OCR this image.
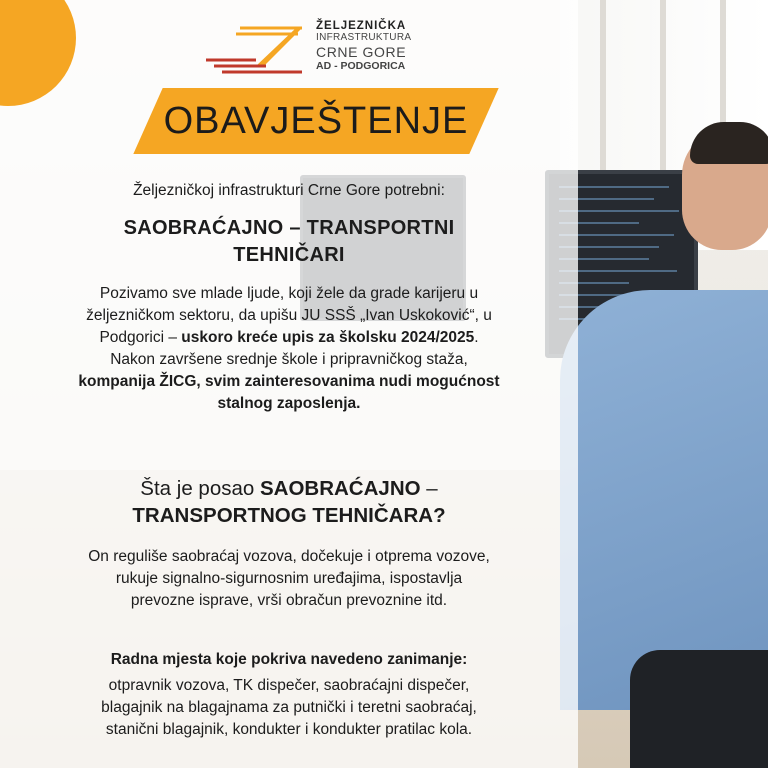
ŽELJEZNIČKA
INFRASTRUKTURA
CRNE GORE
AD - PODGORICA
OBAVJEŠTENJE
Željezničkoj infrastrukturi Crne Gore potrebni:
SAOBRAĆAJNO – TRANSPORTNI
TEHNIČARI
Pozivamo sve mlade ljude, koji žele da grade karijeru u
željezničkom sektoru, da upišu JU SSŠ „Ivan Uskoković“, u
Podgorici – uskoro kreće upis za školsku 2024/2025.
Nakon završene srednje škole i pripravničkog staža,
kompanija ŽICG, svim zainteresovanima nudi mogućnost
stalnog zaposlenja.
Šta je posao SAOBRAĆAJNO –
TRANSPORTNOG TEHNIČARA?
On reguliše saobraćaj vozova, dočekuje i otprema vozove,
rukuje signalno-sigurnosnim uređajima, ispostavlja
prevozne isprave, vrši obračun prevoznine itd.
Radna mjesta koje pokriva navedeno zanimanje:
otpravnik vozova, TK dispečer, saobraćajni dispečer,
blagajnik na blagajnama za putnički i teretni saobraćaj,
stanični blagajnik, kondukter i kondukter pratilac kola.
